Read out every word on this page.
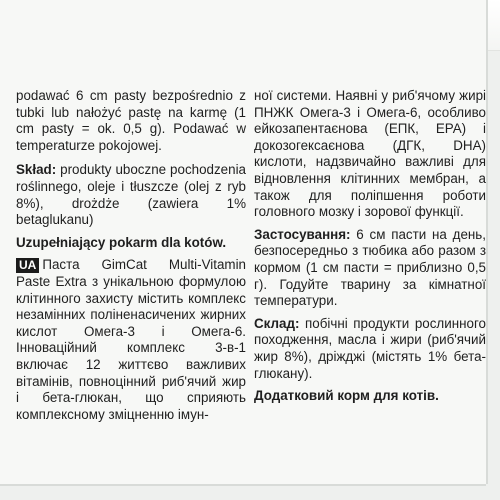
podawać 6 cm pasty bezpośrednio z tubki lub nałożyć pastę na karmę (1 cm pasty = ok. 0,5 g). Podawać w temperaturze pokojowej.

Skład: produkty uboczne pochodzenia roślinnego, oleje i tłuszcze (olej z ryb 8%), drożdże (zawiera 1% betaglukanu)

Uzupełniający pokarm dla kotów.

UA Паста GimCat Multi-Vitamin Paste Extra з унікальною формулою клітинного захисту містить комплекс незамінних поліненасичених жирних кислот Омега-3 і Омега-6. Інноваційний комплекс 3-в-1 включає 12 життєво важливих вітамінів, повноцінний риб'ячий жир і бета-глюкан, що сприяють комплексному зміцненню імун-

ної системи. Наявні у риб'ячому жирі ПНЖК Омега-3 і Омега-6, особливо ейкозапентаєнова (ЕПК, EPA) і докозогексаєнова (ДГК, DHA) кислоти, надзвичайно важливі для відновлення клітинних мембран, а також для поліпшення роботи головного мозку і зорової функції.

Застосування: 6 см пасти на день, безпосередньо з тюбика або разом з кормом (1 см пасти = приблизно 0,5 г). Годуйте тварину за кімнатної температури.

Склад: побічні продукти рослинного походження, масла і жири (риб'ячий жир 8%), дріжджі (містять 1% бета-глюкану).

Додатковий корм для котів.
